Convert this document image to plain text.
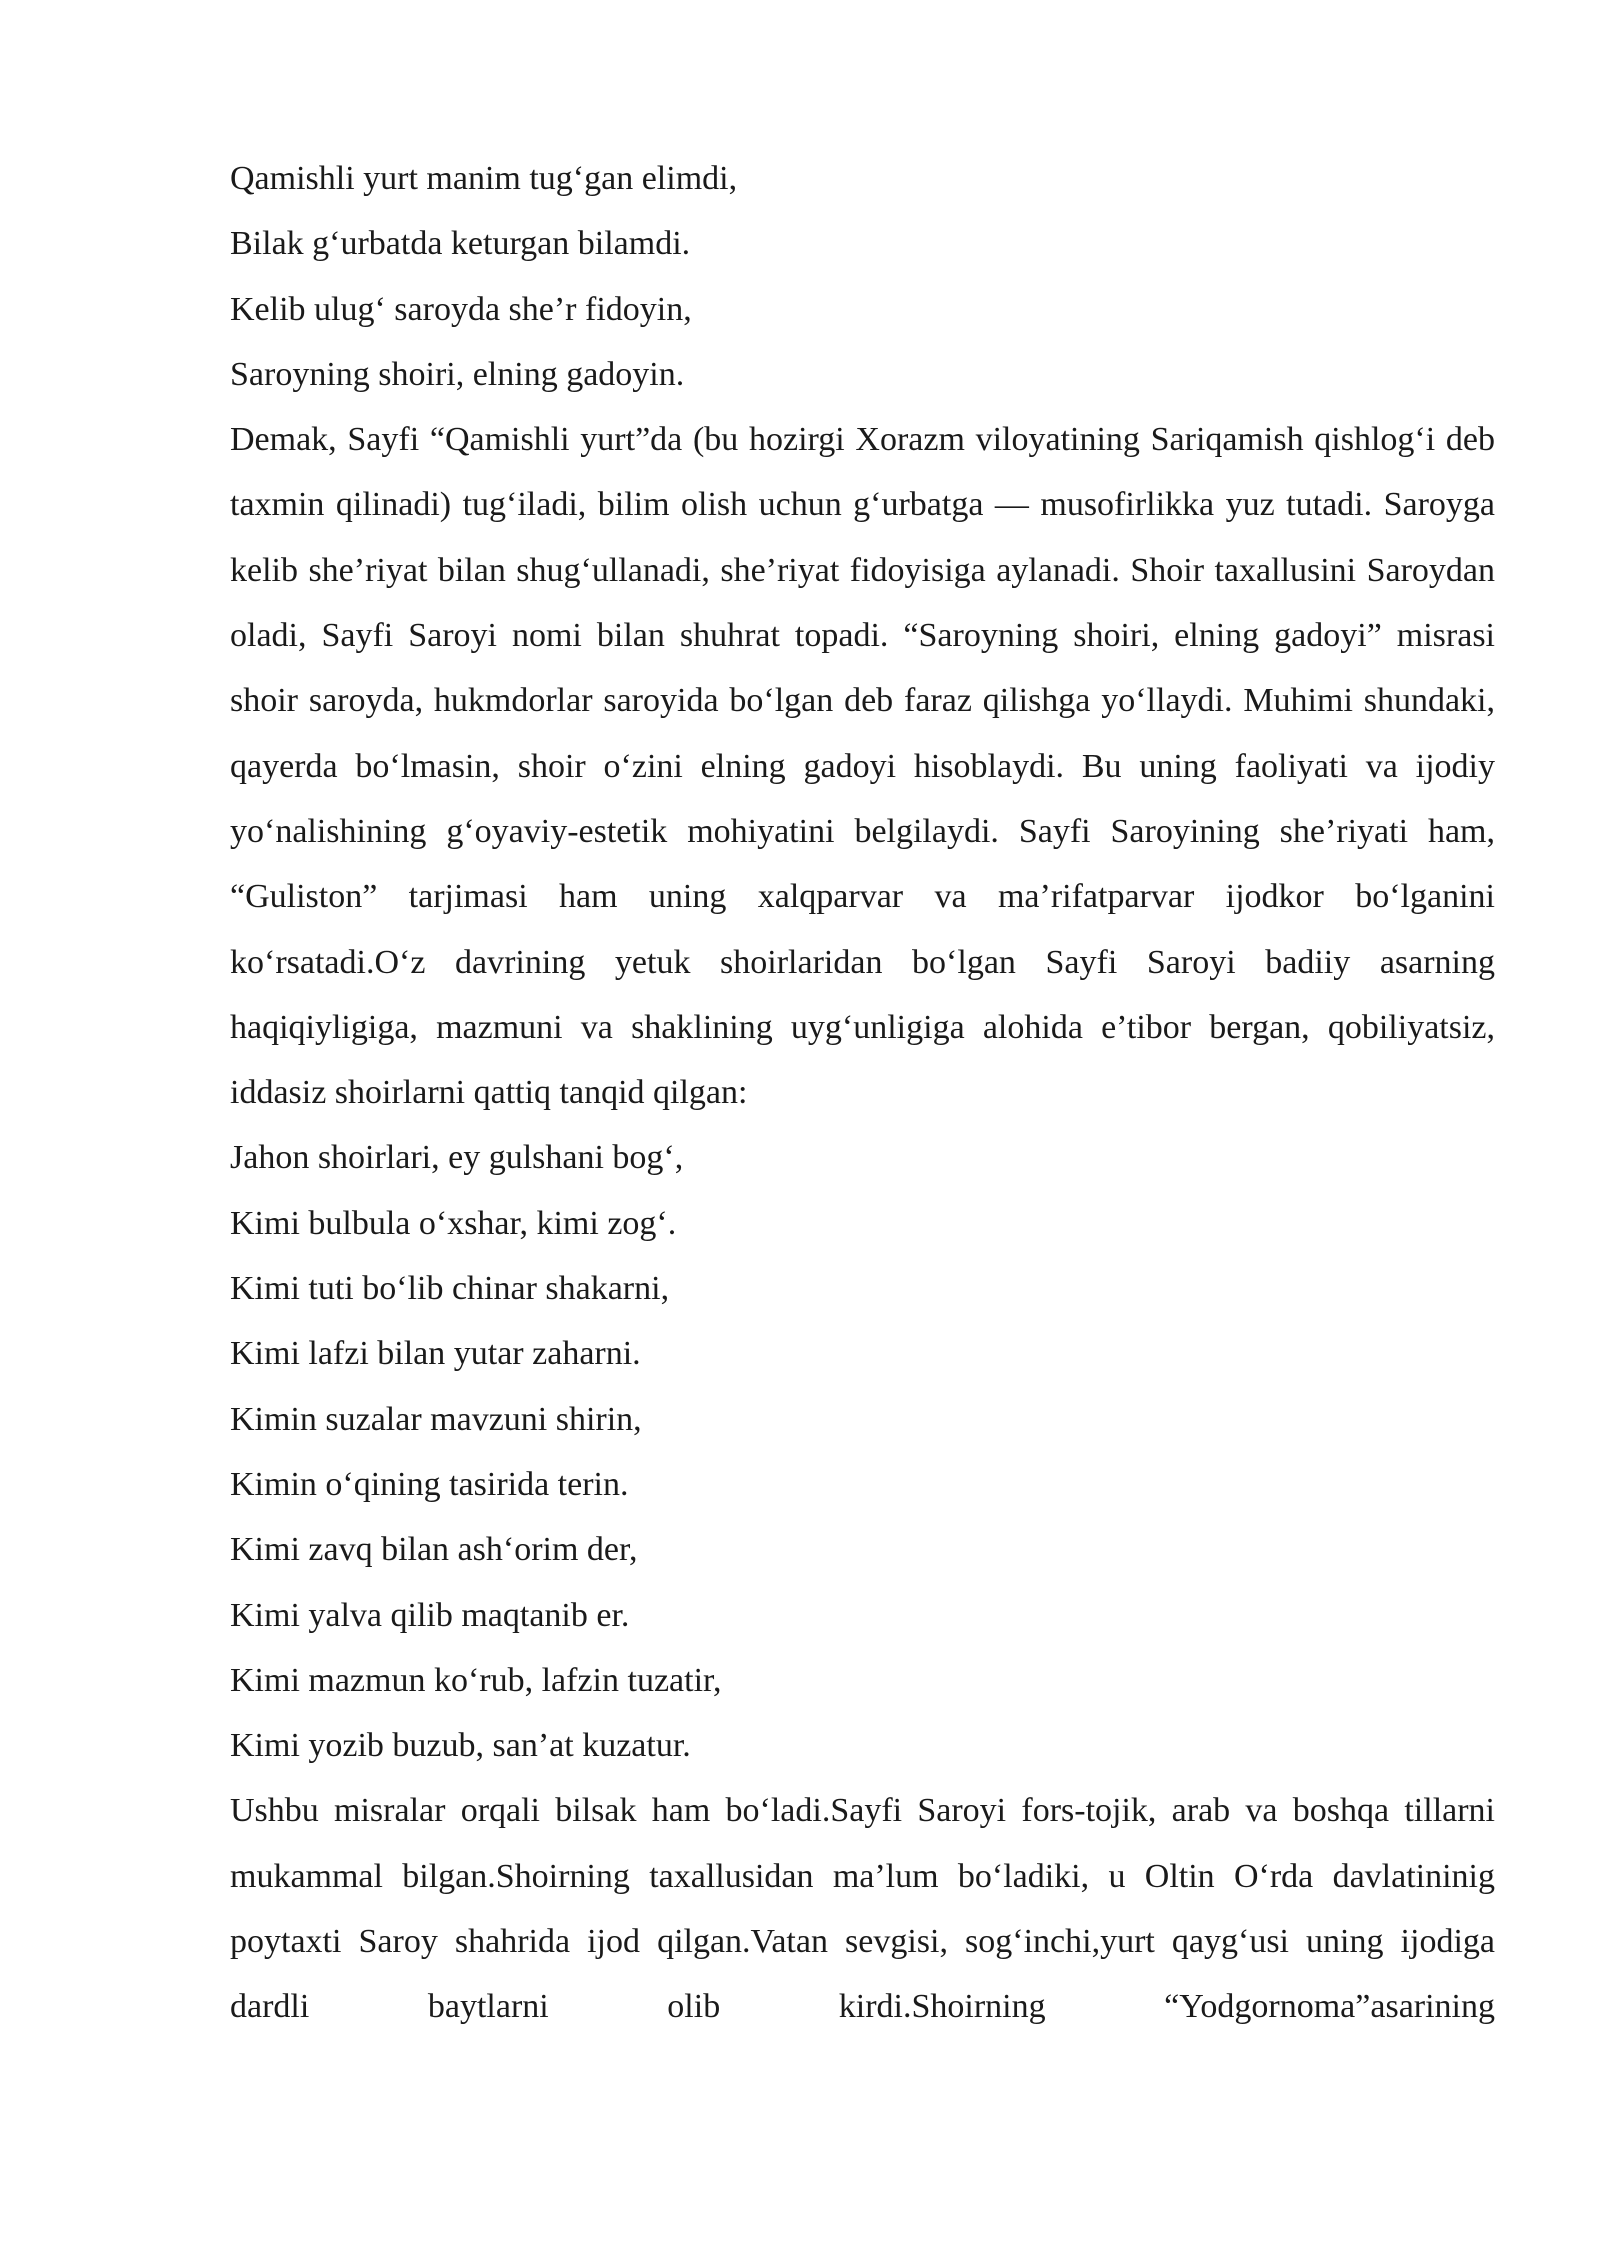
Qamishli yurt manim tug‘gan elimdi,
Bilak g‘urbatda keturgan bilamdi.
Kelib ulug‘ saroyda she’r fidoyin,
Saroyning shoiri, elning gadoyin.

Demak, Sayfi “Qamishli yurt”da (bu hozirgi Xorazm viloyatining Sariqamish qishlog‘i deb taxmin qilinadi) tug‘iladi, bilim olish uchun g‘urbatga — musofirlikka yuz tutadi. Saroyga kelib she’riyat bilan shug‘ullanadi, she’riyat fidoyisiga aylanadi. Shoir taxallusini Saroydan oladi, Sayfi Saroyi nomi bilan shuhrat topadi. “Saroyning shoiri, elning gadoyi” misrasi shoir saroyda, hukmdorlar saroyida bo‘lgan deb faraz qilishga yo‘llaydi. Muhimi shundaki, qayerda bo‘lmasin, shoir o‘zini elning gadoyi hisoblaydi. Bu uning faoliyati va ijodiy yo‘nalishining g‘oyaviy-estetik mohiyatini belgilaydi. Sayfi Saroyining she’riyati ham, “Guliston” tarjimasi ham uning xalqparvar va ma’rifatparvar ijodkor bo‘lganini ko‘rsatadi.O‘z davrining yetuk shoirlaridan bo‘lgan Sayfi Saroyi badiiy asarning haqiqiyligiga, mazmuni va shaklining uyg‘unligiga alohida e’tibor bergan, qobiliyatsiz, iddasiz shoirlarni qattiq tanqid qilgan:

Jahon shoirlari, ey gulshani bog‘,
Kimi bulbula o‘xshar, kimi zog‘.
Kimi tuti bo‘lib chinar shakarni,
Kimi lafzi bilan yutar zaharni.
Kimin suzalar mavzuni shirin,
Kimin o‘qining tasirida terin.
Kimi zavq bilan ash‘orim der,
Kimi yalva qilib maqtanib er.
Kimi mazmun ko‘rub, lafzin tuzatir,
Kimi yozib buzub, san’at kuzatur.

Ushbu misralar orqali bilsak ham bo‘ladi.Sayfi Saroyi fors-tojik, arab va boshqa tillarni mukammal bilgan.Shoirning taxallusidan ma’lum bo‘ladiki, u Oltin O‘rda davlatininig poytaxti Saroy shahrida ijod qilgan.Vatan sevgisi, sog‘inchi,yurt qayg‘usi uning ijodiga dardli baytlarni olib kirdi.Shoirning “Yodgornoma”asarining
